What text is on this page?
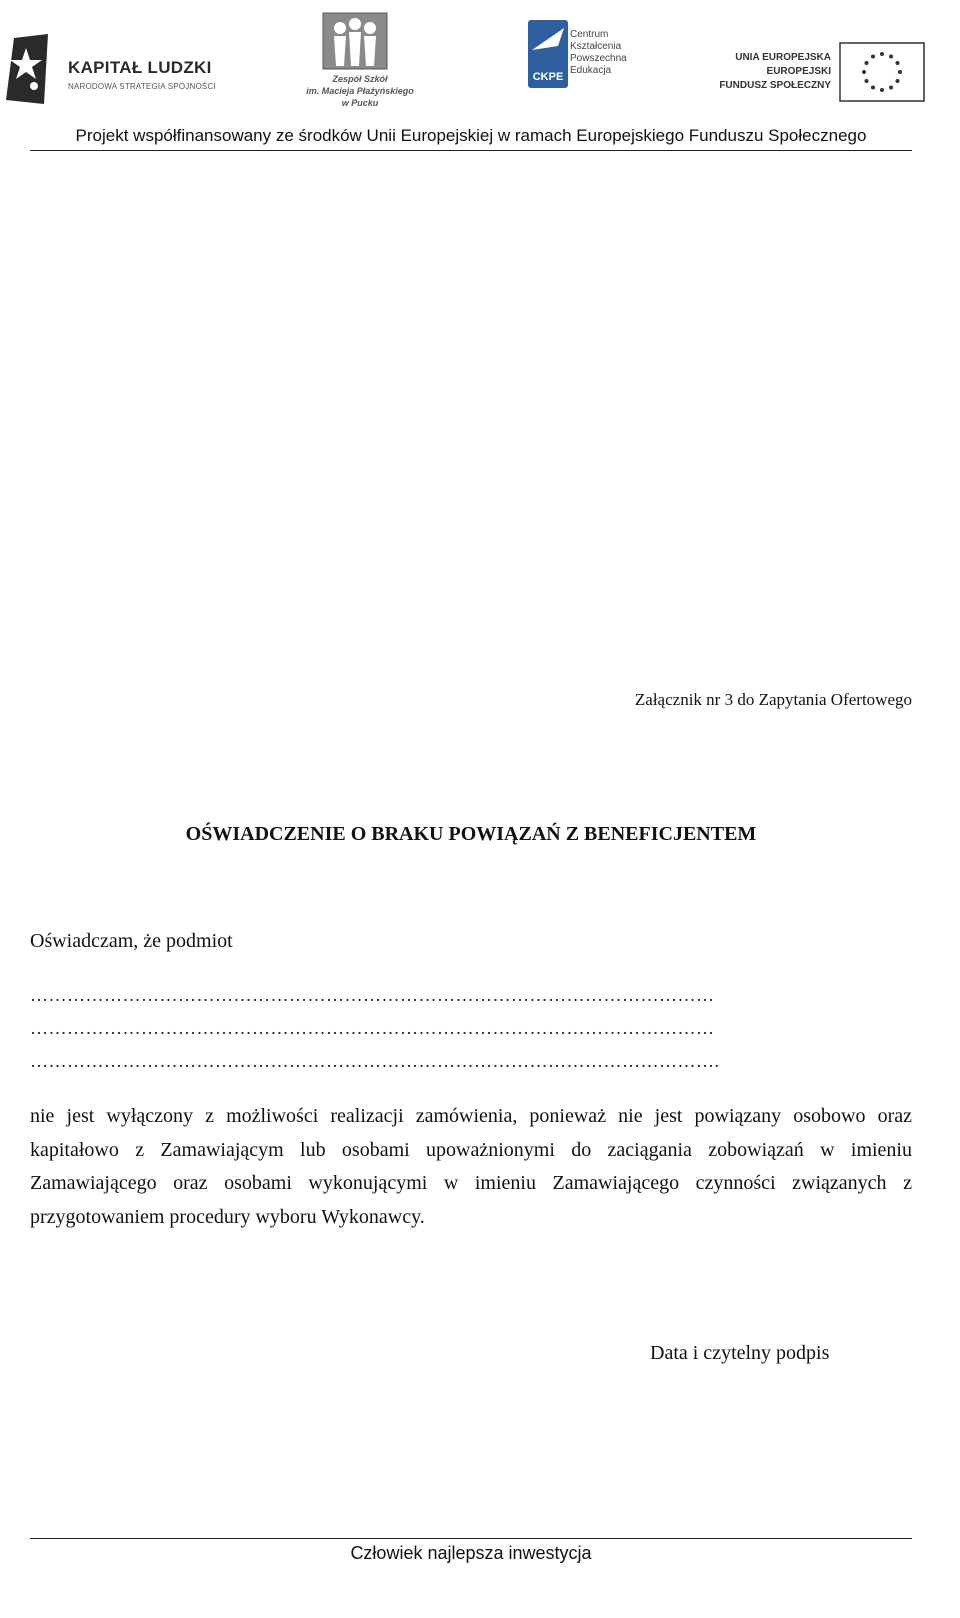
KAPITAŁ LUDZKI
NARODOWA STRATEGIA SPÓJNOŚCI
Zespół Szkół
im. Macieja Płażyńskiego
w Pucku
CKPE
Centrum
Kształcenia
Powszechna
Edukacja
UNIA EUROPEJSKA
EUROPEJSKI
FUNDUSZ SPOŁECZNY
Projekt współfinansowany ze środków Unii Europejskiej w ramach Europejskiego Funduszu Społecznego
Załącznik nr 3 do Zapytania Ofertowego
OŚWIADCZENIE O BRAKU POWIĄZAŃ Z BENEFICJENTEM
Oświadczam, że podmiot
…………………………………………………………………………………………………
…………………………………………………………………………………………………
………………………………………………………………………………………………….
nie jest wyłączony z możliwości realizacji zamówienia, ponieważ nie jest powiązany osobowo oraz kapitałowo z Zamawiającym lub osobami upoważnionymi do zaciągania zobowiązań w imieniu Zamawiającego oraz osobami wykonującymi w imieniu Zamawiającego czynności związanych z przygotowaniem procedury wyboru Wykonawcy.
Data i czytelny podpis
Człowiek najlepsza inwestycja
